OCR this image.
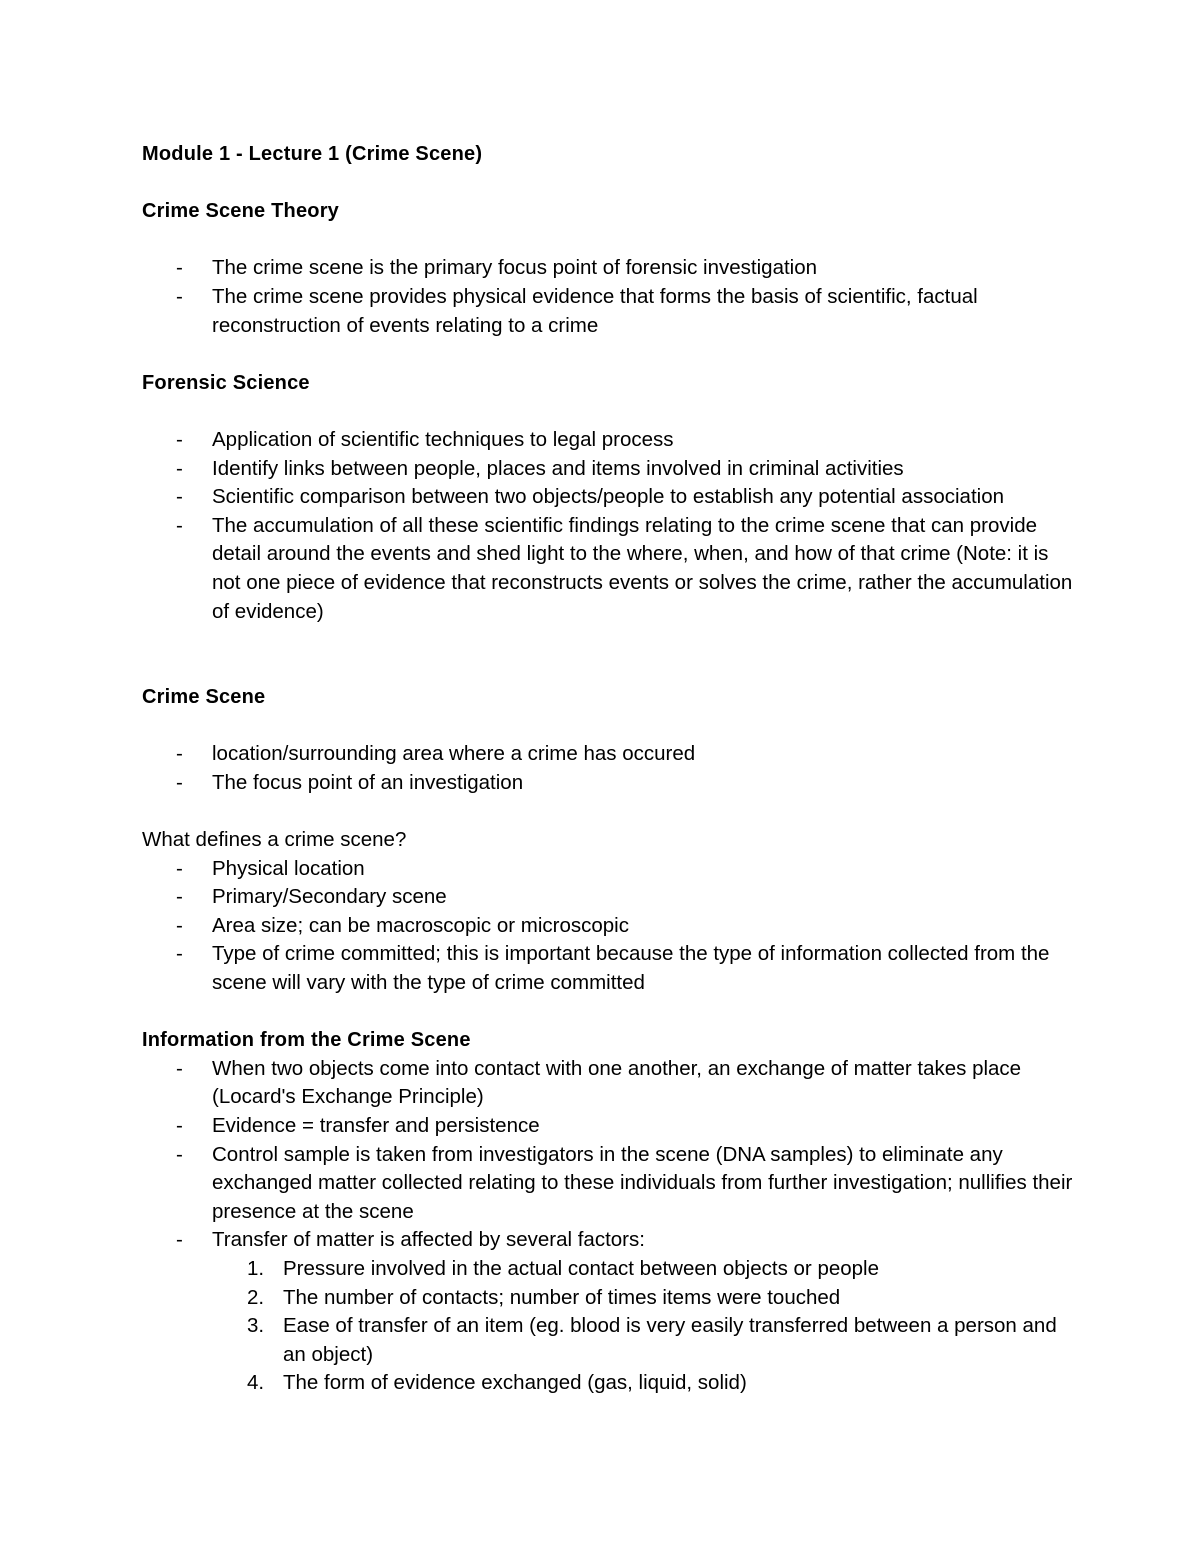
Module 1 - Lecture 1 (Crime Scene)

Crime Scene Theory

- The crime scene is the primary focus point of forensic investigation
- The crime scene provides physical evidence that forms the basis of scientific, factual reconstruction of events relating to a crime

Forensic Science

- Application of scientific techniques to legal process
- Identify links between people, places and items involved in criminal activities
- Scientific comparison between two objects/people to establish any potential association
- The accumulation of all these scientific findings relating to the crime scene that can provide detail around the events and shed light to the where, when, and how of that crime (Note: it is not one piece of evidence that reconstructs events or solves the crime, rather the accumulation of evidence)

Crime Scene

- location/surrounding area where a crime has occured
- The focus point of an investigation

What defines a crime scene?

- Physical location
- Primary/Secondary scene
- Area size; can be macroscopic or microscopic
- Type of crime committed; this is important because the type of information collected from the scene will vary with the type of crime committed

Information from the Crime Scene

- When two objects come into contact with one another, an exchange of matter takes place (Locard's Exchange Principle)
- Evidence = transfer and persistence
- Control sample is taken from investigators in the scene (DNA samples) to eliminate any exchanged matter collected relating to these individuals from further investigation; nullifies their presence at the scene
- Transfer of matter is affected by several factors:
1. Pressure involved in the actual contact between objects or people
2. The number of contacts; number of times items were touched
3. Ease of transfer of an item (eg. blood is very easily transferred between a person and an object)
4. The form of evidence exchanged (gas, liquid, solid)
